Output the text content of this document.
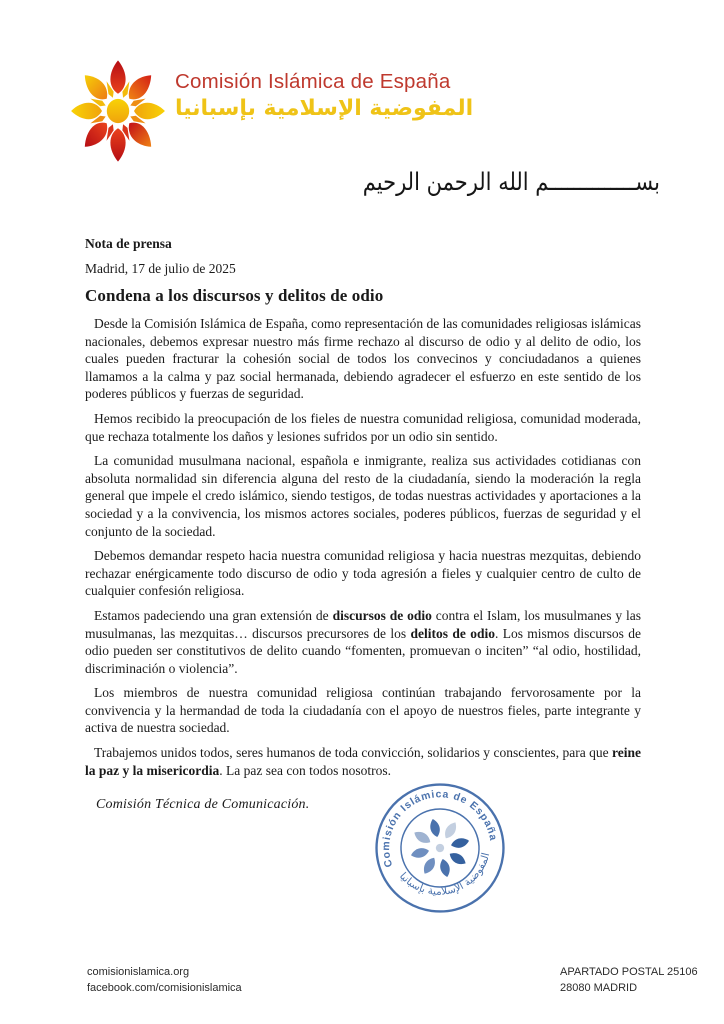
Comisión Islámica de España
المفوضية الإسلامية بإسبانيا
بســــــــــــــم الله الرحمن الرحيم

Nota de prensa

Madrid, 17 de julio de 2025

Condena a los discursos y delitos de odio

Desde la Comisión Islámica de España, como representación de las comunidades religiosas islámicas nacionales, debemos expresar nuestro más firme rechazo al discurso de odio y al delito de odio, los cuales pueden fracturar la cohesión social de todos los convecinos y conciudadanos a quienes llamamos a la calma y paz social hermanada, debiendo agradecer el esfuerzo en este sentido de los poderes públicos y fuerzas de seguridad.

Hemos recibido la preocupación de los fieles de nuestra comunidad religiosa, comunidad moderada, que rechaza totalmente los daños y lesiones sufridos por un odio sin sentido.

La comunidad musulmana nacional, española e inmigrante, realiza sus actividades cotidianas con absoluta normalidad sin diferencia alguna del resto de la ciudadanía, siendo la moderación la regla general que impele el credo islámico, siendo testigos, de todas nuestras actividades y aportaciones a la sociedad y a la convivencia, los mismos actores sociales, poderes públicos, fuerzas de seguridad y el conjunto de la sociedad.

Debemos demandar respeto hacia nuestra comunidad religiosa y hacia nuestras mezquitas, debiendo rechazar enérgicamente todo discurso de odio y toda agresión a fieles y cualquier centro de culto de cualquier confesión religiosa.

Estamos padeciendo una gran extensión de discursos de odio contra el Islam, los musulmanes y las musulmanas, las mezquitas… discursos precursores de los delitos de odio. Los mismos discursos de odio pueden ser constitutivos de delito cuando “fomenten, promuevan o inciten” “al odio, hostilidad, discriminación o violencia”.

Los miembros de nuestra comunidad religiosa continúan trabajando fervorosamente por la convivencia y la hermandad de toda la ciudadanía con el apoyo de nuestros fieles, parte integrante y activa de nuestra sociedad.

Trabajemos unidos todos, seres humanos de toda convicción, solidarios y conscientes, para que reine la paz y la misericordia. La paz sea con todos nosotros.

Comisión Técnica de Comunicación.
Comisión Islámica de España
المفوضية الإسلامية بإسبانيا
comisionislamica.org
facebook.com/comisionislamica
APARTADO POSTAL 25106
28080 MADRID
